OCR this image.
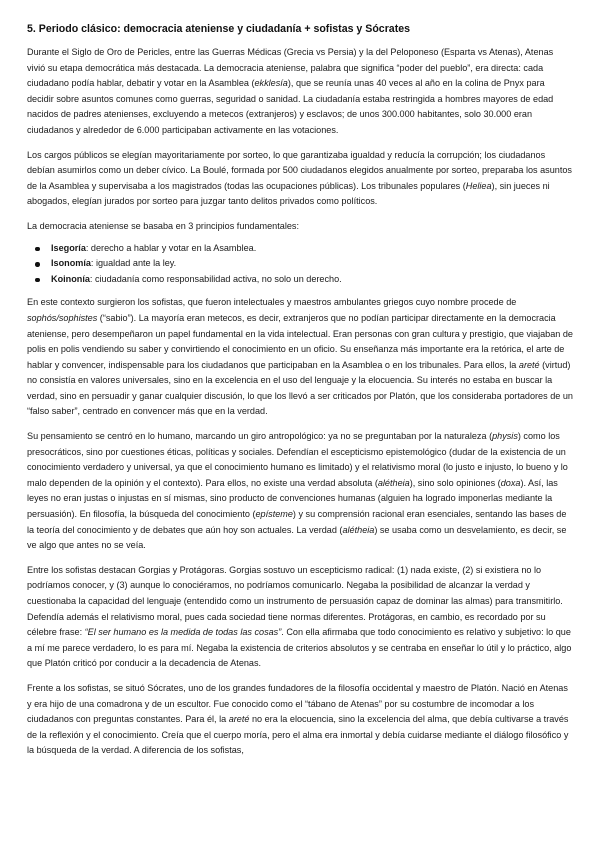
5. Periodo clásico: democracia ateniense y ciudadanía + sofistas y Sócrates

Durante el Siglo de Oro de Pericles, entre las Guerras Médicas (Grecia vs Persia) y la del Peloponeso (Esparta vs Atenas), Atenas vivió su etapa democrática más destacada. La democracia ateniense, palabra que significa “poder del pueblo”, era directa: cada ciudadano podía hablar, debatir y votar en la Asamblea (ekklesía), que se reunía unas 40 veces al año en la colina de Pnyx para decidir sobre asuntos comunes como guerras, seguridad o sanidad. La ciudadanía estaba restringida a hombres mayores de edad nacidos de padres atenienses, excluyendo a metecos (extranjeros) y esclavos; de unos 300.000 habitantes, solo 30.000 eran ciudadanos y alrededor de 6.000 participaban activamente en las votaciones.

Los cargos públicos se elegían mayoritariamente por sorteo, lo que garantizaba igualdad y reducía la corrupción; los ciudadanos debían asumirlos como un deber cívico. La Boulé, formada por 500 ciudadanos elegidos anualmente por sorteo, preparaba los asuntos de la Asamblea y supervisaba a los magistrados (todas las ocupaciones públicas). Los tribunales populares (Heliea), sin jueces ni abogados, elegían jurados por sorteo para juzgar tanto delitos privados como políticos.

La democracia ateniense se basaba en 3 principios fundamentales:

Isegoría: derecho a hablar y votar en la Asamblea.
Isonomía: igualdad ante la ley.
Koinonía: ciudadanía como responsabilidad activa, no solo un derecho.

En este contexto surgieron los sofistas, que fueron intelectuales y maestros ambulantes griegos cuyo nombre procede de sophós/sophistes (“sabio”). La mayoría eran metecos, es decir, extranjeros que no podían participar directamente en la democracia ateniense, pero desempeñaron un papel fundamental en la vida intelectual. Eran personas con gran cultura y prestigio, que viajaban de polis en polis vendiendo su saber y convirtiendo el conocimiento en un oficio. Su enseñanza más importante era la retórica, el arte de hablar y convencer, indispensable para los ciudadanos que participaban en la Asamblea o en los tribunales. Para ellos, la areté (virtud) no consistía en valores universales, sino en la excelencia en el uso del lenguaje y la elocuencia. Su interés no estaba en buscar la verdad, sino en persuadir y ganar cualquier discusión, lo que los llevó a ser criticados por Platón, que los consideraba portadores de un “falso saber”, centrado en convencer más que en la verdad.

Su pensamiento se centró en lo humano, marcando un giro antropológico: ya no se preguntaban por la naturaleza (physis) como los presocráticos, sino por cuestiones éticas, políticas y sociales. Defendían el escepticismo epistemológico (dudar de la existencia de un conocimiento verdadero y universal, ya que el conocimiento humano es limitado) y el relativismo moral (lo justo e injusto, lo bueno y lo malo dependen de la opinión y el contexto). Para ellos, no existe una verdad absoluta (alétheia), sino solo opiniones (doxa). Así, las leyes no eran justas o injustas en sí mismas, sino producto de convenciones humanas (alguien ha logrado imponerlas mediante la persuasión). En filosofía, la búsqueda del conocimiento (epísteme) y su comprensión racional eran esenciales, sentando las bases de la teoría del conocimiento y de debates que aún hoy son actuales. La verdad (alétheia) se usaba como un desvelamiento, es decir, se ve algo que antes no se veía.

Entre los sofistas destacan Gorgias y Protágoras. Gorgias sostuvo un escepticismo radical: (1) nada existe, (2) si existiera no lo podríamos conocer, y (3) aunque lo conociéramos, no podríamos comunicarlo. Negaba la posibilidad de alcanzar la verdad y cuestionaba la capacidad del lenguaje (entendido como un instrumento de persuasión capaz de dominar las almas) para transmitirlo. Defendía además el relativismo moral, pues cada sociedad tiene normas diferentes. Protágoras, en cambio, es recordado por su célebre frase: “El ser humano es la medida de todas las cosas”. Con ella afirmaba que todo conocimiento es relativo y subjetivo: lo que a mí me parece verdadero, lo es para mí. Negaba la existencia de criterios absolutos y se centraba en enseñar lo útil y lo práctico, algo que Platón criticó por conducir a la decadencia de Atenas.

Frente a los sofistas, se situó Sócrates, uno de los grandes fundadores de la filosofía occidental y maestro de Platón. Nació en Atenas y era hijo de una comadrona y de un escultor. Fue conocido como el “tábano de Atenas” por su costumbre de incomodar a los ciudadanos con preguntas constantes. Para él, la areté no era la elocuencia, sino la excelencia del alma, que debía cultivarse a través de la reflexión y el conocimiento. Creía que el cuerpo moría, pero el alma era inmortal y debía cuidarse mediante el diálogo filosófico y la búsqueda de la verdad. A diferencia de los sofistas,
